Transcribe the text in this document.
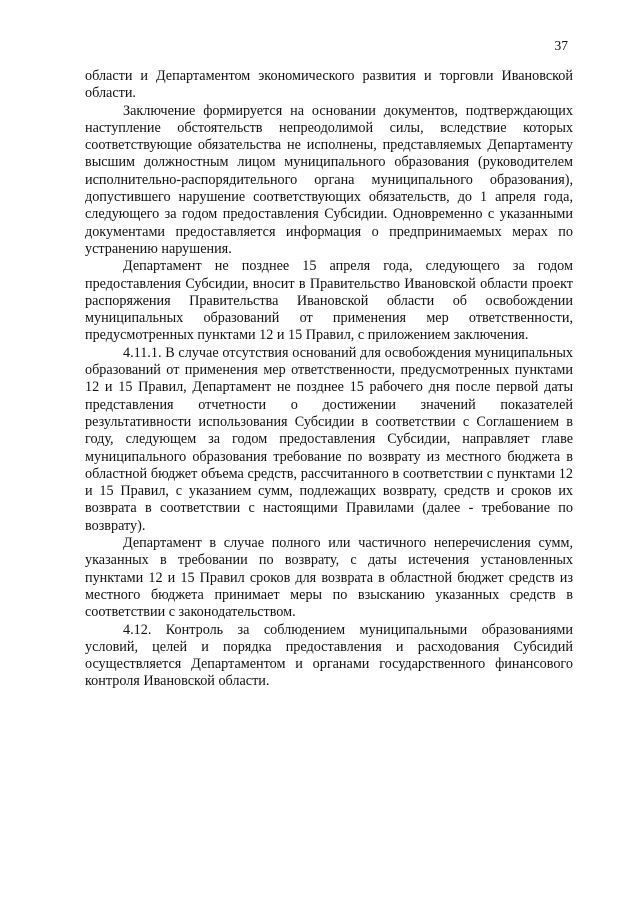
37

области и Департаментом экономического развития и торговли Ивановской области.

Заключение формируется на основании документов, подтверждающих наступление обстоятельств непреодолимой силы, вследствие которых соответствующие обязательства не исполнены, представляемых Департаменту высшим должностным лицом муниципального образования (руководителем исполнительно-распорядительного органа муниципального образования), допустившего нарушение соответствующих обязательств, до 1 апреля года, следующего за годом предоставления Субсидии. Одновременно с указанными документами предоставляется информация о предпринимаемых мерах по устранению нарушения.

Департамент не позднее 15 апреля года, следующего за годом предоставления Субсидии, вносит в Правительство Ивановской области проект распоряжения Правительства Ивановской области об освобождении муниципальных образований от применения мер ответственности, предусмотренных пунктами 12 и 15 Правил, с приложением заключения.

4.11.1. В случае отсутствия оснований для освобождения муниципальных образований от применения мер ответственности, предусмотренных пунктами 12 и 15 Правил, Департамент не позднее 15 рабочего дня после первой даты представления отчетности о достижении значений показателей результативности использования Субсидии в соответствии с Соглашением в году, следующем за годом предоставления Субсидии, направляет главе муниципального образования требование по возврату из местного бюджета в областной бюджет объема средств, рассчитанного в соответствии с пунктами 12 и 15 Правил, с указанием сумм, подлежащих возврату, средств и сроков их возврата в соответствии с настоящими Правилами (далее - требование по возврату).

Департамент в случае полного или частичного неперечисления сумм, указанных в требовании по возврату, с даты истечения установленных пунктами 12 и 15 Правил сроков для возврата в областной бюджет средств из местного бюджета принимает меры по взысканию указанных средств в соответствии с законодательством.

4.12. Контроль за соблюдением муниципальными образованиями условий, целей и порядка предоставления и расходования Субсидий осуществляется Департаментом и органами государственного финансового контроля Ивановской области.
